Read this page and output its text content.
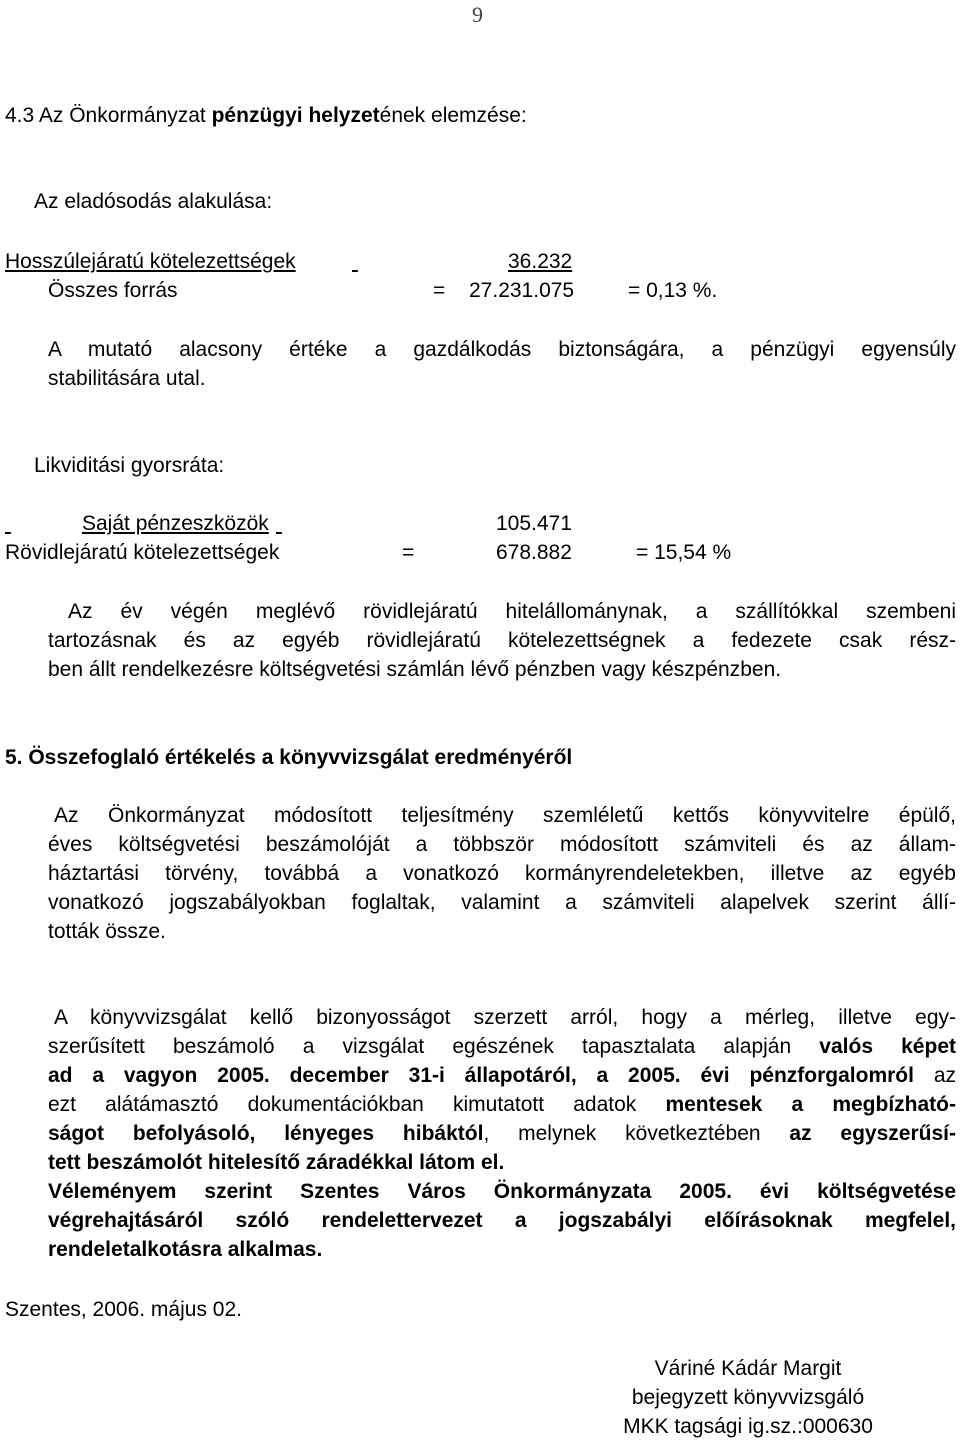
9
4.3 Az Önkormányzat pénzügyi helyzetének elemzése:
Az eladósodás alakulása:
Hosszúlejáratú kötelezettségek
	36.232
Összes forrás	= 27.231.075	= 0,13 %.
A mutató alacsony értéke a gazdálkodás biztonságára, a pénzügyi egyensúly
stabilitására utal.
Likviditási gyorsráta:

Saját pénzeszközök
	105.471
Rövidlejáratú kötelezettségek	=	678.882	= 15,54 %
Az év végén meglévő rövidlejáratú hitelállománynak, a szállítókkal szembeni
tartozásnak és az egyéb rövidlejáratú kötelezettségnek a fedezete csak rész-
ben állt rendelkezésre költségvetési számlán lévő pénzben vagy készpénzben.
5. Összefoglaló értékelés a könyvvizsgálat eredményéről
Az Önkormányzat módosított teljesítmény szemléletű kettős könyvvitelre épülő,
éves költségvetési beszámolóját a többször módosított számviteli és az állam-
háztartási törvény, továbbá a vonatkozó kormányrendeletekben, illetve az egyéb
vonatkozó jogszabályokban foglaltak, valamint a számviteli alapelvek szerint állí-
tották össze.
A könyvvizsgálat kellő bizonyosságot szerzett arról, hogy a mérleg, illetve egy-
szerűsített beszámoló a vizsgálat egészének tapasztalata alapján valós képet
ad a vagyon 2005. december 31-i állapotáról, a 2005. évi pénzforgalomról az
ezt alátámasztó dokumentációkban kimutatott adatok mentesek a megbízható-
ságot befolyásoló, lényeges hibáktól, melynek következtében az egyszerűsí-
tett beszámolót hitelesítő záradékkal látom el.
Véleményem szerint Szentes Város Önkormányzata 2005. évi költségvetése
végrehajtásáról szóló rendelettervezet a jogszabályi előírásoknak megfelel,
rendeletalkotásra alkalmas.
Szentes, 2006. május 02.
Váriné Kádár Margit
bejegyzett könyvvizsgáló
MKK tagsági ig.sz.:000630
